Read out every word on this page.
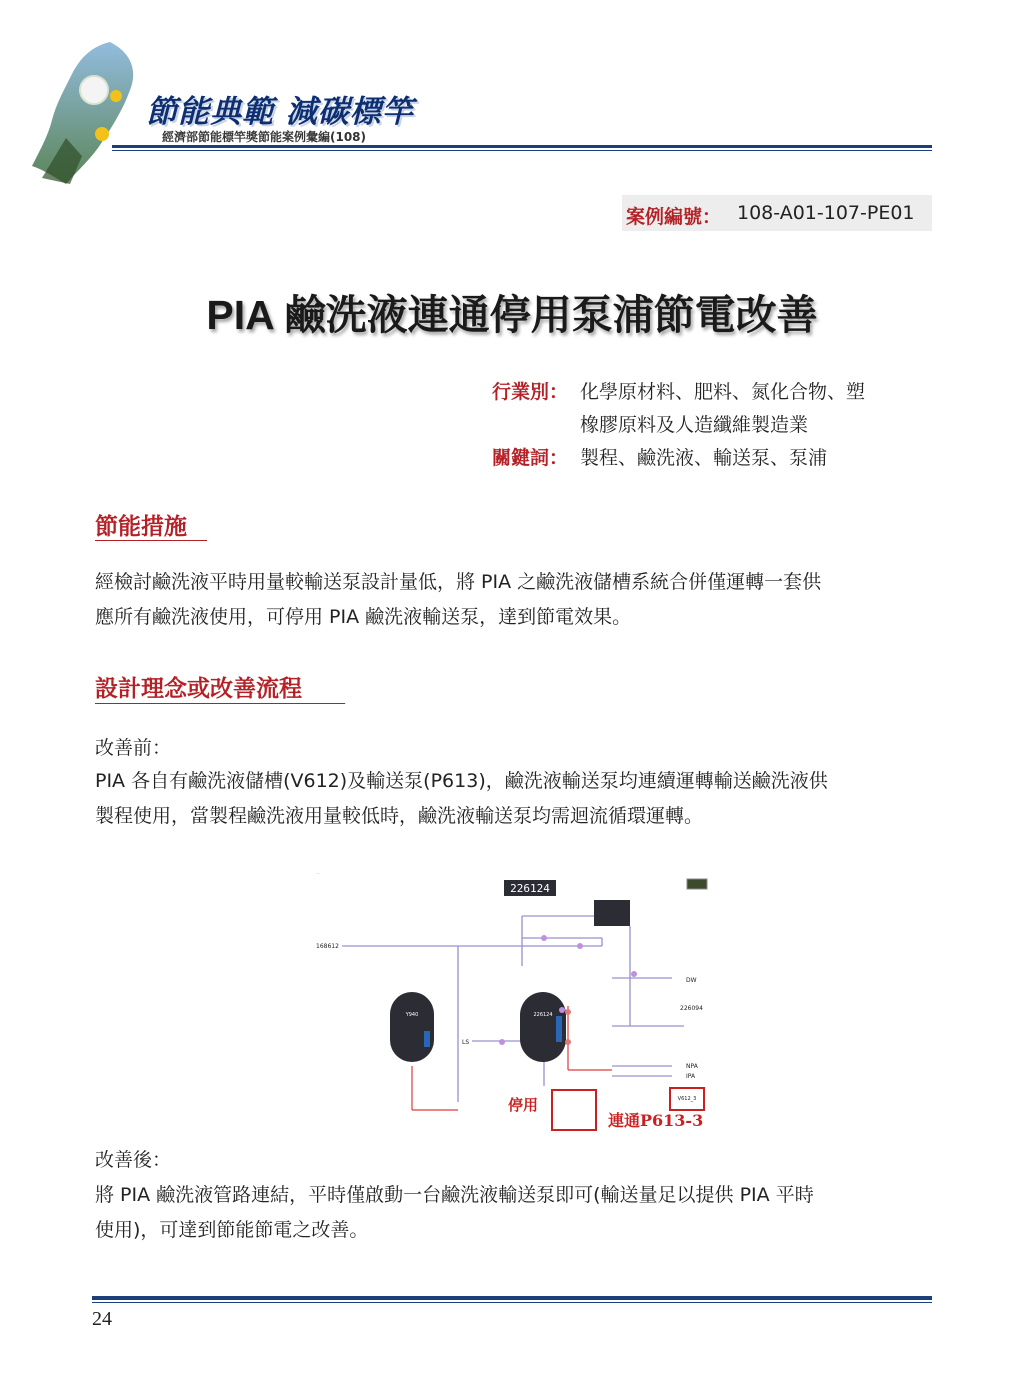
節能典範 減碳標竿
經濟部節能標竿獎節能案例彙編(108)
案例編號： 108-A01-107-PE01
PIA 鹼洗液連通停用泵浦節電改善
行業別： 化學原材料、肥料、氮化合物、塑
橡膠原料及人造纖維製造業
關鍵詞： 製程、鹼洗液、輸送泵、泵浦
節能措施
經檢討鹼洗液平時用量較輸送泵設計量低，將 PIA 之鹼洗液儲槽系統合併僅運轉一套供
應所有鹼洗液使用，可停用 PIA 鹼洗液輸送泵，達到節電效果。
設計理念或改善流程
改善前：
PIA 各自有鹼洗液儲槽(V612)及輸送泵(P613)，鹼洗液輸送泵均連續運轉輸送鹼洗液供
製程使用，當製程鹼洗液用量較低時，鹼洗液輸送泵均需迴流循環運轉。
...
226124
Y940	226124
168612
226094
LS
DW
NPA
IPA
V612_3
停用
連通P613-3
改善後：
將 PIA 鹼洗液管路連結，平時僅啟動一台鹼洗液輸送泵即可(輸送量足以提供 PIA 平時
使用)，可達到節能節電之改善。
24
